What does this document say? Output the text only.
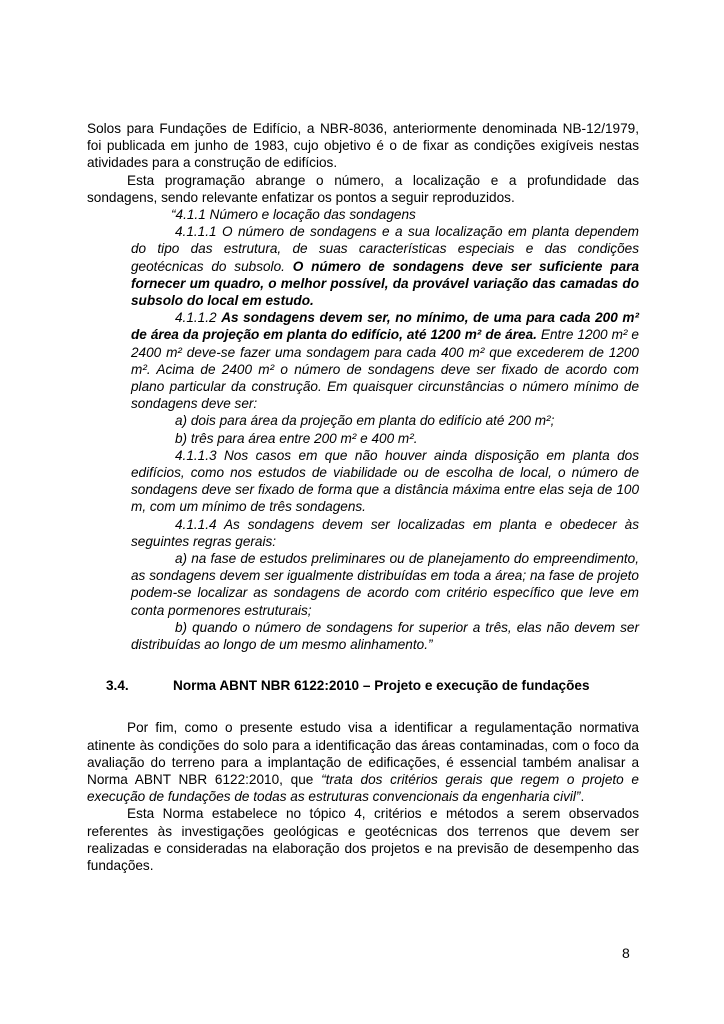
Solos para Fundações de Edifício, a NBR-8036, anteriormente denominada NB-12/1979, foi publicada em junho de 1983, cujo objetivo é o de fixar as condições exigíveis nestas atividades para a construção de edifícios.

Esta programação abrange o número, a localização e a profundidade das sondagens, sendo relevante enfatizar os pontos a seguir reproduzidos.

“4.1.1 Número e locação das sondagens

4.1.1.1 O número de sondagens e a sua localização em planta dependem do tipo das estrutura, de suas características especiais e das condições geotécnicas do subsolo. O número de sondagens deve ser suficiente para fornecer um quadro, o melhor possível, da provável variação das camadas do subsolo do local em estudo.

4.1.1.2 As sondagens devem ser, no mínimo, de uma para cada 200 m² de área da projeção em planta do edifício, até 1200 m² de área. Entre 1200 m² e 2400 m² deve-se fazer uma sondagem para cada 400 m² que excederem de 1200 m². Acima de 2400 m² o número de sondagens deve ser fixado de acordo com plano particular da construção. Em quaisquer circunstâncias o número mínimo de sondagens deve ser:

a) dois para área da projeção em planta do edifício até 200 m²;

b) três para área entre 200 m² e 400 m².

4.1.1.3 Nos casos em que não houver ainda disposição em planta dos edifícios, como nos estudos de viabilidade ou de escolha de local, o número de sondagens deve ser fixado de forma que a distância máxima entre elas seja de 100 m, com um mínimo de três sondagens.

4.1.1.4 As sondagens devem ser localizadas em planta e obedecer às seguintes regras gerais:

a) na fase de estudos preliminares ou de planejamento do empreendimento, as sondagens devem ser igualmente distribuídas em toda a área; na fase de projeto podem-se localizar as sondagens de acordo com critério específico que leve em conta pormenores estruturais;

b) quando o número de sondagens for superior a três, elas não devem ser distribuídas ao longo de um mesmo alinhamento.”

3.4.	Norma ABNT NBR 6122:2010 – Projeto e execução de fundações

Por fim, como o presente estudo visa a identificar a regulamentação normativa atinente às condições do solo para a identificação das áreas contaminadas, com o foco da avaliação do terreno para a implantação de edificações, é essencial também analisar a Norma ABNT NBR 6122:2010, que “trata dos critérios gerais que regem o projeto e execução de fundações de todas as estruturas convencionais da engenharia civil”.

Esta Norma estabelece no tópico 4, critérios e métodos a serem observados referentes às investigações geológicas e geotécnicas dos terrenos que devem ser realizadas e consideradas na elaboração dos projetos e na previsão de desempenho das fundações.

8
